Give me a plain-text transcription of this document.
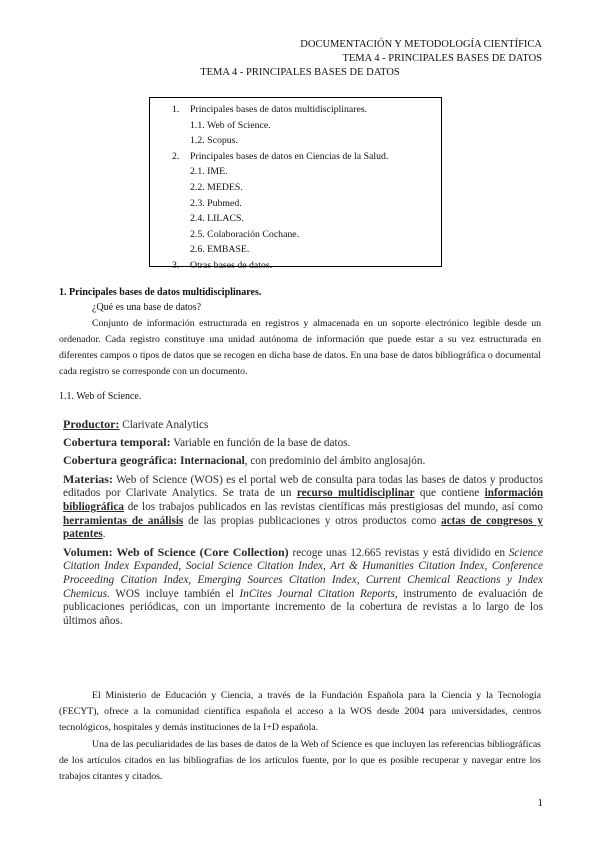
DOCUMENTACIÓN Y METODOLOGÍA CIENTÍFICA
TEMA 4 - PRINCIPALES BASES DE DATOS
TEMA 4 - PRINCIPALES BASES DE DATOS
1. Principales bases de datos multidisciplinares.
1.1. Web of Science.
1.2. Scopus.
2. Principales bases de datos en Ciencias de la Salud.
2.1. IME.
2.2. MEDES.
2.3. Pubmed.
2.4. LILACS.
2.5. Colaboración Cochane.
2.6. EMBASE.
3. Otras bases de datos.
1. Principales bases de datos multidisciplinares.
¿Qué es una base de datos?

Conjunto de información estructurada en registros y almacenada en un soporte electrónico legible desde un ordenador. Cada registro constituye una unidad autónoma de información que puede estar a su vez estructurada en diferentes campos o tipos de datos que se recogen en dicha base de datos. En una base de datos bibliográfica o documental cada registro se corresponde con un documento.

1.1. Web of Science.
Productor: Clarivate Analytics
Cobertura temporal: Variable en función de la base de datos.
Cobertura geográfica: Internacional, con predominio del ámbito anglosajón.
Materias: Web of Science (WOS) es el portal web de consulta para todas las bases de datos y productos editados por Clarivate Analytics. Se trata de un recurso multidisciplinar que contiene información bibliográfica de los trabajos publicados en las revistas científicas más prestigiosas del mundo, así como herramientas de análisis de las propias publicaciones y otros productos como actas de congresos y patentes.
Volumen: Web of Science (Core Collection) recoge unas 12.665 revistas y está dividido en Science Citation Index Expanded, Social Science Citation Index, Art & Humanities Citation Index, Conference Proceeding Citation Index, Emerging Sources Citation Index, Current Chemical Reactions y Index Chemicus. WOS incluye también el InCites Journal Citation Reports, instrumento de evaluación de publicaciones periódicas, con un importante incremento de la cobertura de revistas a lo largo de los últimos años.

El Ministerio de Educación y Ciencia, a través de la Fundación Española para la Ciencia y la Tecnología (FECYT), ofrece a la comunidad científica española el acceso a la WOS desde 2004 para universidades, centros tecnológicos, hospitales y demás instituciones de la I+D española.

Una de las peculiaridades de las bases de datos de la Web of Science es que incluyen las referencias bibliográficas de los artículos citados en las bibliografías de los artículos fuente, por lo que es posible recuperar y navegar entre los trabajos citantes y citados.

1
